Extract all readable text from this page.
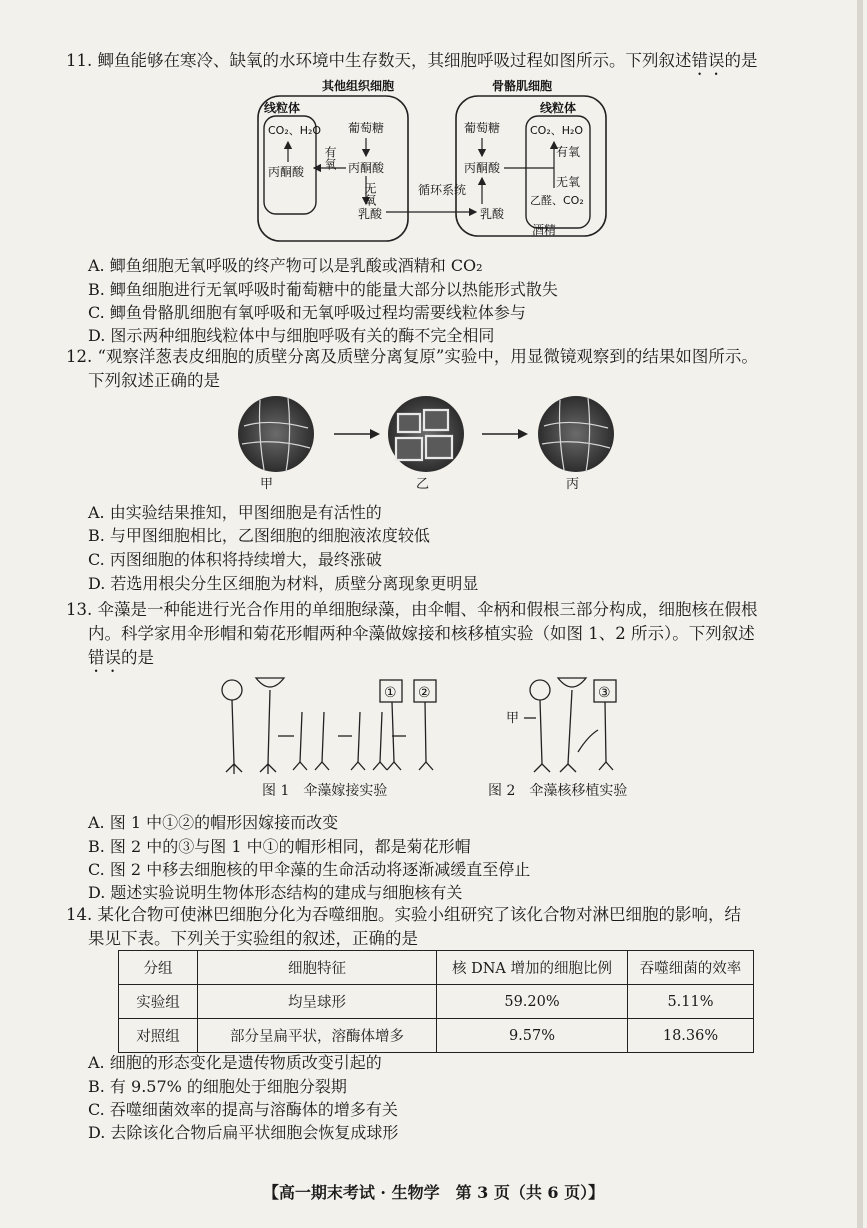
11. 鲫鱼能够在寒冷、缺氧的水环境中生存数天，其细胞呼吸过程如图所示。下列叙述错误的是
其他组织细胞
线粒体
CO₂、H₂O
丙酮酸
有氧
葡萄糖
丙酮酸
无氧
乳酸
循环系统
骨骼肌细胞
葡萄糖
丙酮酸
乳酸
线粒体
CO₂、H₂O
有氧
无氧
乙醛、CO₂
酒精
A. 鲫鱼细胞无氧呼吸的终产物可以是乳酸或酒精和 CO₂
B. 鲫鱼细胞进行无氧呼吸时葡萄糖中的能量大部分以热能形式散失
C. 鲫鱼骨骼肌细胞有氧呼吸和无氧呼吸过程均需要线粒体参与
D. 图示两种细胞线粒体中与细胞呼吸有关的酶不完全相同
12. “观察洋葱表皮细胞的质壁分离及质壁分离复原”实验中，用显微镜观察到的结果如图所示。
下列叙述正确的是
甲	乙	丙
A. 由实验结果推知，甲图细胞是有活性的
B. 与甲图细胞相比，乙图细胞的细胞液浓度较低
C. 丙图细胞的体积将持续增大，最终涨破
D. 若选用根尖分生区细胞为材料，质壁分离现象更明显
13. 伞藻是一种能进行光合作用的单细胞绿藻，由伞帽、伞柄和假根三部分构成，细胞核在假根
内。科学家用伞形帽和菊花形帽两种伞藻做嫁接和核移植实验（如图 1、2 所示）。下列叙述
错误的是
① ②
甲
③
图 1　伞藻嫁接实验	图 2　伞藻核移植实验
A. 图 1 中①②的帽形因嫁接而改变
B. 图 2 中的③与图 1 中①的帽形相同，都是菊花形帽
C. 图 2 中移去细胞核的甲伞藻的生命活动将逐渐减缓直至停止
D. 题述实验说明生物体形态结构的建成与细胞核有关
14. 某化合物可使淋巴细胞分化为吞噬细胞。实验小组研究了该化合物对淋巴细胞的影响，结
果见下表。下列关于实验组的叙述，正确的是
分组	细胞特征	核 DNA 增加的细胞比例	吞噬细菌的效率
实验组	均呈球形	59.20%	5.11%
对照组	部分呈扁平状，溶酶体增多	9.57%	18.36%
A. 细胞的形态变化是遗传物质改变引起的
B. 有 9.57% 的细胞处于细胞分裂期
C. 吞噬细菌效率的提高与溶酶体的增多有关
D. 去除该化合物后扁平状细胞会恢复成球形
【高一期末考试 · 生物学　第 3 页（共 6 页）】
